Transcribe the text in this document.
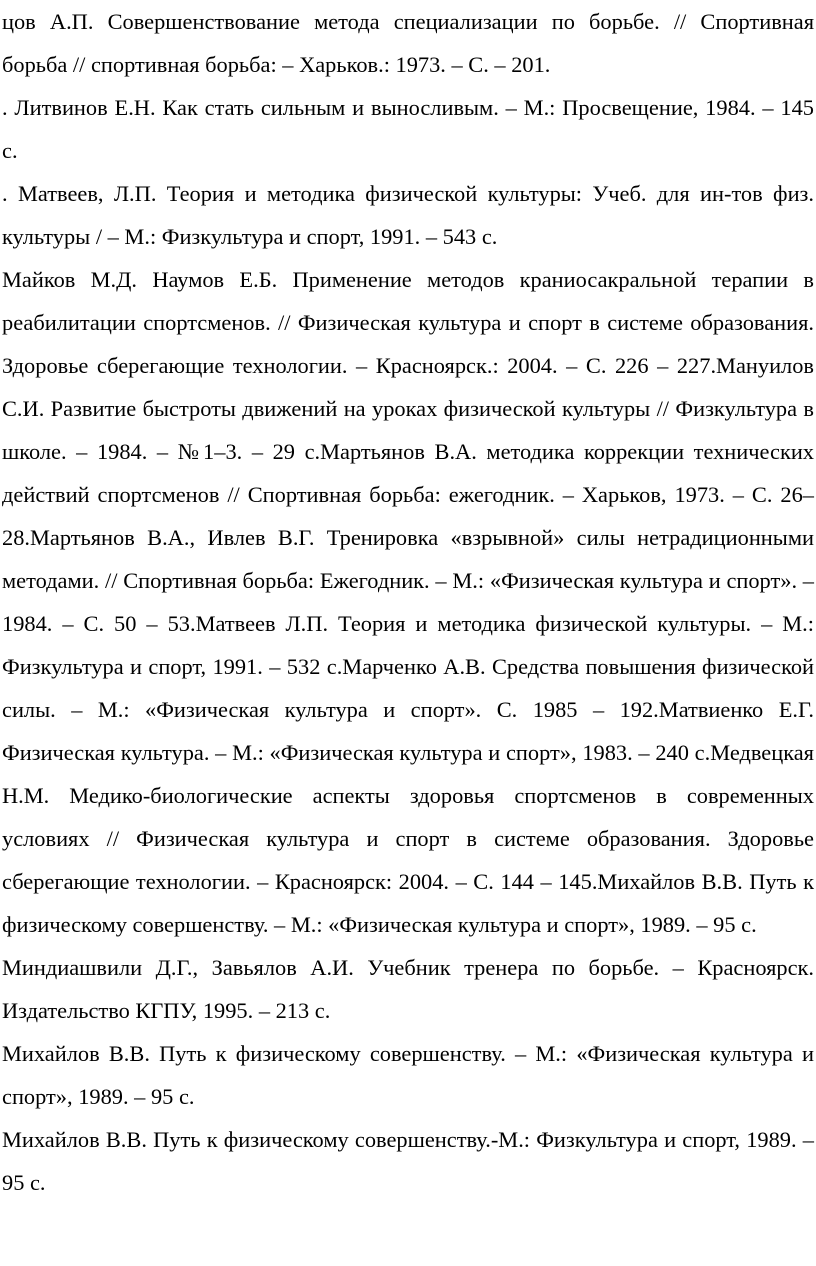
цов А.П. Совершенствование метода специализации по борьбе. // Спортивная борьба // спортивная борьба: – Харьков.: 1973. – С. – 201.

. Литвинов Е.Н. Как стать сильным и выносливым. – М.: Просвещение, 1984. – 145 с.

. Матвеев, Л.П. Теория и методика физической культуры: Учеб. для ин-тов физ. культуры / – М.: Физкультура и спорт, 1991. – 543 с.

Майков М.Д. Наумов Е.Б. Применение методов краниосакральной терапии в реабилитации спортсменов. // Физическая культура и спорт в системе образования. Здоровье сберегающие технологии. – Красноярск.: 2004. – С. 226 – 227.Мануилов С.И. Развитие быстроты движений на уроках физической культуры // Физкультура в школе. – 1984. – №1–3. – 29 с.Мартьянов В.А. методика коррекции технических действий спортсменов // Спортивная борьба: ежегодник. – Харьков, 1973. – С. 26–28.Мартьянов В.А., Ивлев В.Г. Тренировка «взрывной» силы нетрадиционными методами. // Спортивная борьба: Ежегодник. – М.: «Физическая культура и спорт». – 1984. – С. 50 – 53.Матвеев Л.П. Теория и методика физической культуры. – М.: Физкультура и спорт, 1991. – 532 с.Марченко А.В. Средства повышения физической силы. – М.: «Физическая культура и спорт». С. 1985 – 192.Матвиенко Е.Г. Физическая культура. – М.: «Физическая культура и спорт», 1983. – 240 с.Медвецкая Н.М. Медико-биологические аспекты здоровья спортсменов в современных условиях // Физическая культура и спорт в системе образования. Здоровье сберегающие технологии. – Красноярск: 2004. – С. 144 – 145.Михайлов В.В. Путь к физическому совершенству. – М.: «Физическая культура и спорт», 1989. – 95 с.

Миндиашвили Д.Г., Завьялов А.И. Учебник тренера по борьбе. – Красноярск. Издательство КГПУ, 1995. – 213 с.

Михайлов В.В. Путь к физическому совершенству. – М.: «Физическая культура и спорт», 1989. – 95 с.

Михайлов В.В. Путь к физическому совершенству.-М.: Физкультура и спорт, 1989. – 95 с.
